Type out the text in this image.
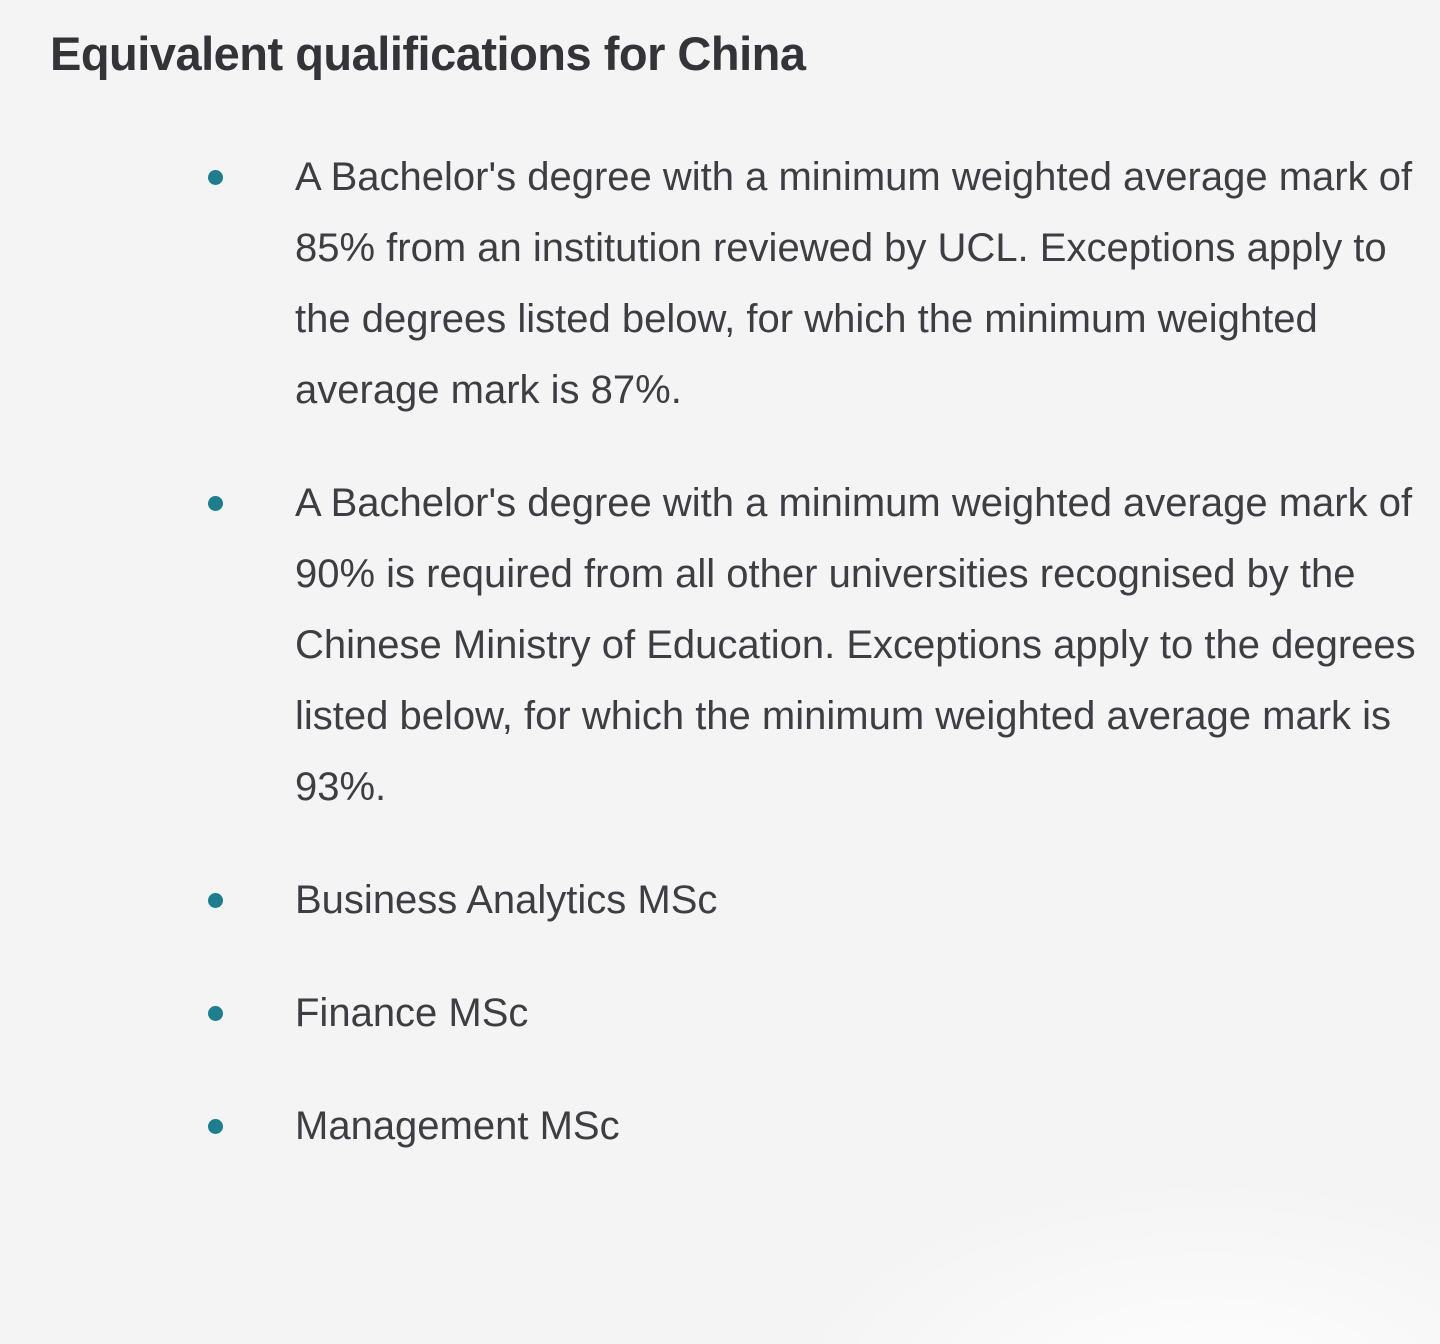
Equivalent qualifications for China
A Bachelor's degree with a minimum weighted average mark of 85% from an institution reviewed by UCL. Exceptions apply to the degrees listed below, for which the minimum weighted average mark is 87%.
A Bachelor's degree with a minimum weighted average mark of 90% is required from all other universities recognised by the Chinese Ministry of Education. Exceptions apply to the degrees listed below, for which the minimum weighted average mark is 93%.
Business Analytics MSc
Finance MSc
Management MSc
